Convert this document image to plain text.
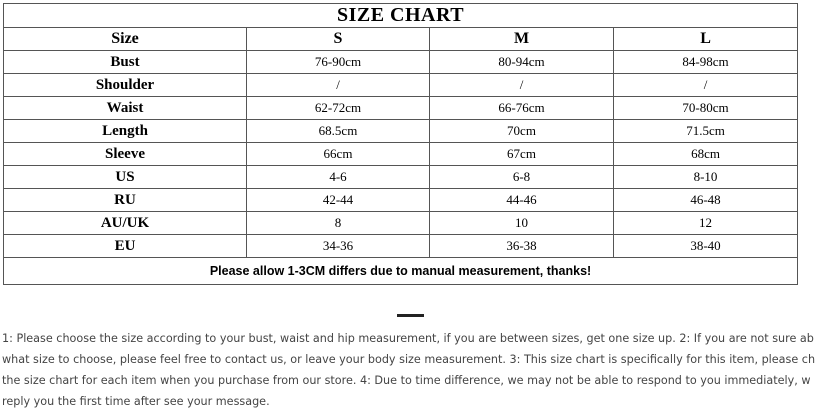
SIZE CHART			
Size	S	M	L
Bust	76-90cm	80-94cm	84-98cm
Shoulder	/	/	/
Waist	62-72cm	66-76cm	70-80cm
Length	68.5cm	70cm	71.5cm
Sleeve	66cm	67cm	68cm
US	4-6	6-8	8-10
RU	42-44	44-46	46-48
AU/UK	8	10	12
EU	34-36	36-38	38-40
Please allow 1-3CM differs due to manual measurement, thanks!			
1: Please choose the size according to your bust, waist and hip measurement, if you are between sizes, get one size up. 2: If you are not sure ab
what size to choose, please feel free to contact us, or leave your body size measurement. 3: This size chart is specifically for this item, please ch
the size chart for each item when you purchase from our store. 4: Due to time difference, we may not be able to respond to you immediately, w
reply you the first time after see your message.
